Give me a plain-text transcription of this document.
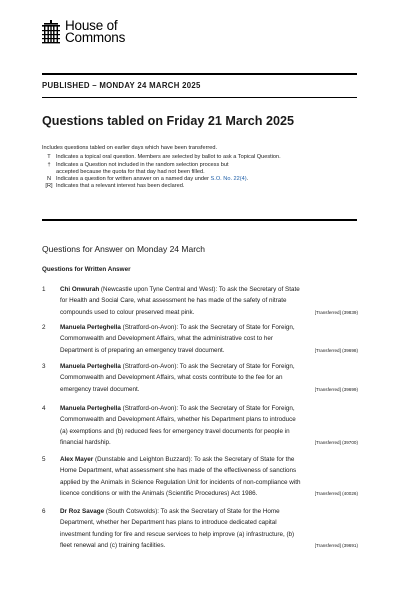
House of
Commons
PUBLISHED – MONDAY 24 MARCH 2025
Questions tabled on Friday 21 March 2025
Includes questions tabled on earlier days which have been transferred.
T Indicates a topical oral question. Members are selected by ballot to ask a Topical Question.
† Indicates a Question not included in the random selection process but
accepted because the quota for that day had not been filled.
N Indicates a question for written answer on a named day under S.O. No. 22(4).
[R] Indicates that a relevant interest has been declared.
Questions for Answer on Monday 24 March
Questions for Written Answer
1	Chi Onwurah (Newcastle upon Tyne Central and West): To ask the Secretary of State
for Health and Social Care, what assessment he has made of the safety of nitrate
[Transferred] (39839)
compounds used to colour preserved meat pink.
2	Manuela Perteghella (Stratford-on-Avon): To ask the Secretary of State for Foreign,
Commonwealth and Development Affairs, what the administrative cost to her
[Transferred] (39698)
Department is of preparing an emergency travel document.
3	Manuela Perteghella (Stratford-on-Avon): To ask the Secretary of State for Foreign,
Commonwealth and Development Affairs, what costs contribute to the fee for an
[Transferred] (39699)
emergency travel document.
4	Manuela Perteghella (Stratford-on-Avon): To ask the Secretary of State for Foreign,
Commonwealth and Development Affairs, whether his Department plans to introduce
(a) exemptions and (b) reduced fees for emergency travel documents for people in
[Transferred] (39700)
financial hardship.
5	Alex Mayer (Dunstable and Leighton Buzzard): To ask the Secretary of State for the
Home Department, what assessment she has made of the effectiveness of sanctions
applied by the Animals in Science Regulation Unit for incidents of non-compliance with
[Transferred] (40026)
licence conditions or with the Animals (Scientific Procedures) Act 1986.
6	Dr Roz Savage (South Cotswolds): To ask the Secretary of State for the Home
Department, whether her Department has plans to introduce dedicated capital
investment funding for fire and rescue services to help improve (a) infrastructure, (b)
[Transferred] (39691)
fleet renewal and (c) training facilities.
